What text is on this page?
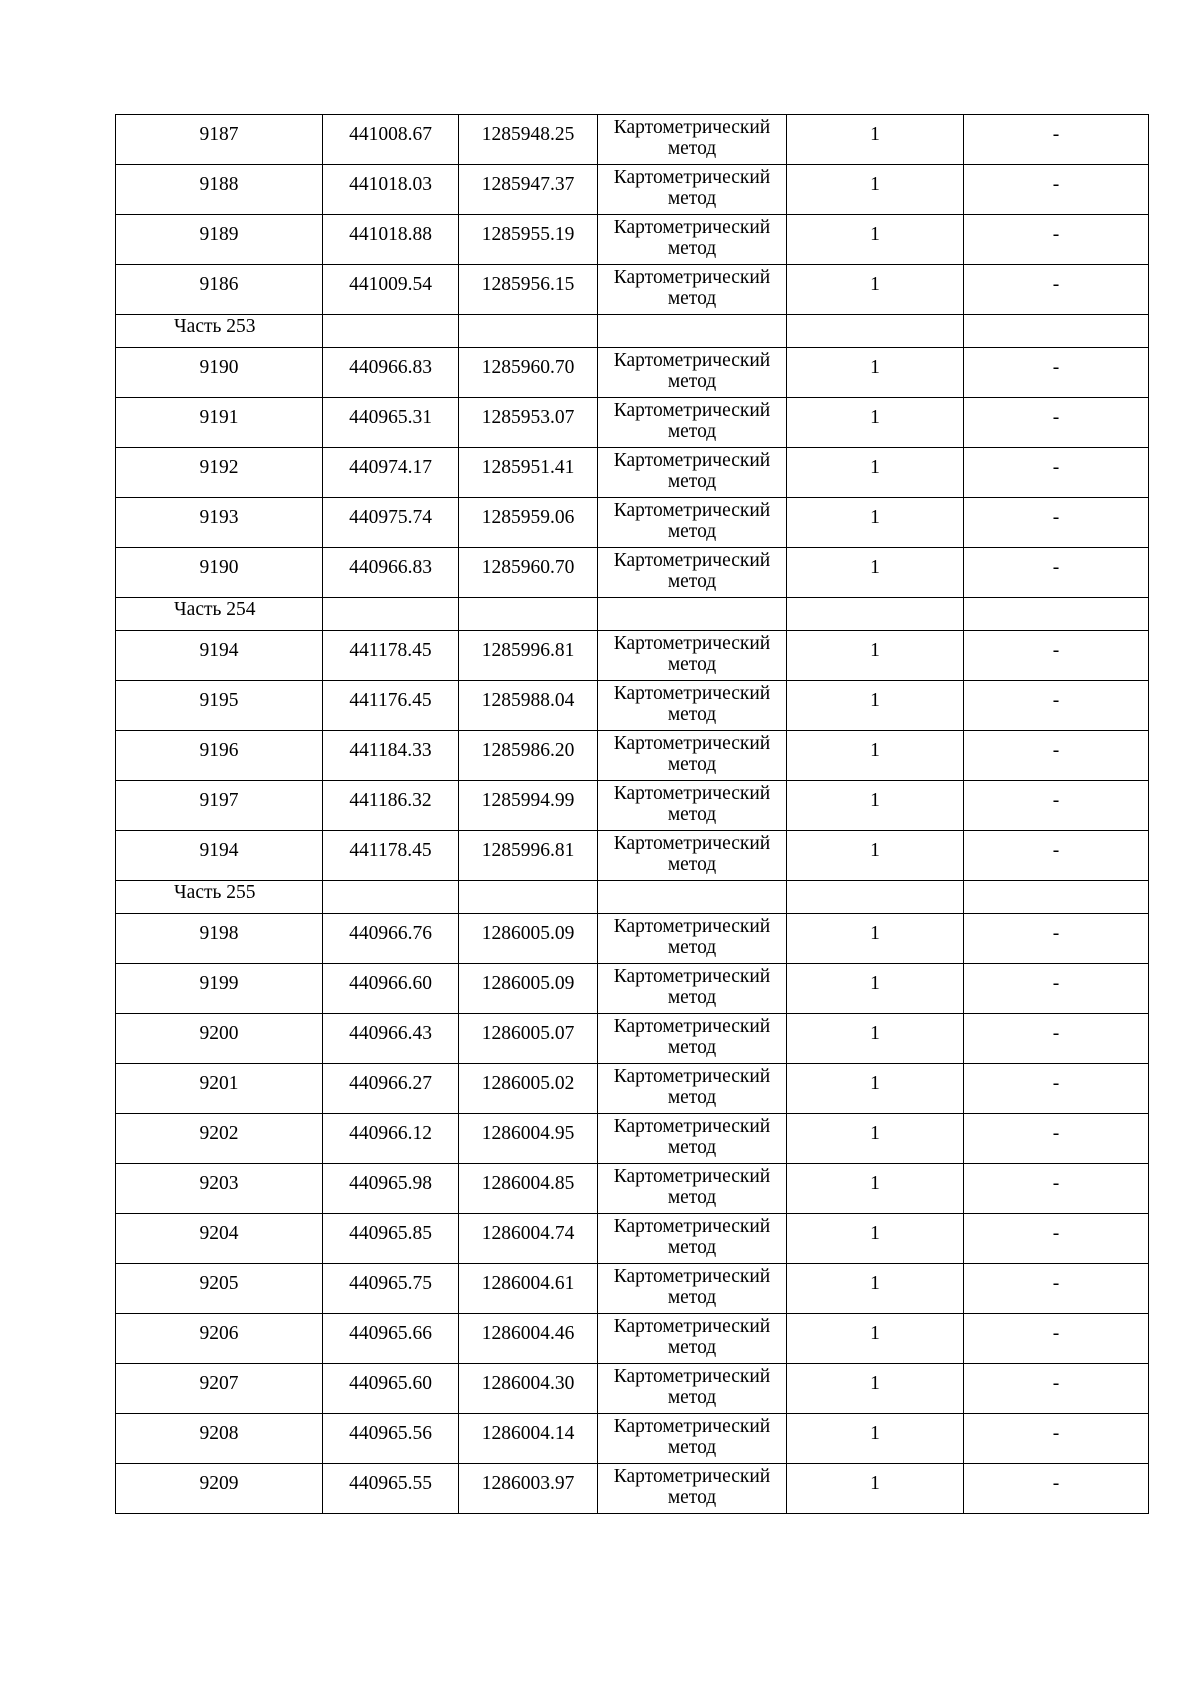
9187	441008.67	1285948.25	Картометрический метод	1	-
9188	441018.03	1285947.37	Картометрический метод	1	-
9189	441018.88	1285955.19	Картометрический метод	1	-
9186	441009.54	1285956.15	Картометрический метод	1	-
Часть 253					
9190	440966.83	1285960.70	Картометрический метод	1	-
9191	440965.31	1285953.07	Картометрический метод	1	-
9192	440974.17	1285951.41	Картометрический метод	1	-
9193	440975.74	1285959.06	Картометрический метод	1	-
9190	440966.83	1285960.70	Картометрический метод	1	-
Часть 254					
9194	441178.45	1285996.81	Картометрический метод	1	-
9195	441176.45	1285988.04	Картометрический метод	1	-
9196	441184.33	1285986.20	Картометрический метод	1	-
9197	441186.32	1285994.99	Картометрический метод	1	-
9194	441178.45	1285996.81	Картометрический метод	1	-
Часть 255					
9198	440966.76	1286005.09	Картометрический метод	1	-
9199	440966.60	1286005.09	Картометрический метод	1	-
9200	440966.43	1286005.07	Картометрический метод	1	-
9201	440966.27	1286005.02	Картометрический метод	1	-
9202	440966.12	1286004.95	Картометрический метод	1	-
9203	440965.98	1286004.85	Картометрический метод	1	-
9204	440965.85	1286004.74	Картометрический метод	1	-
9205	440965.75	1286004.61	Картометрический метод	1	-
9206	440965.66	1286004.46	Картометрический метод	1	-
9207	440965.60	1286004.30	Картометрический метод	1	-
9208	440965.56	1286004.14	Картометрический метод	1	-
9209	440965.55	1286003.97	Картометрический метод	1	-
